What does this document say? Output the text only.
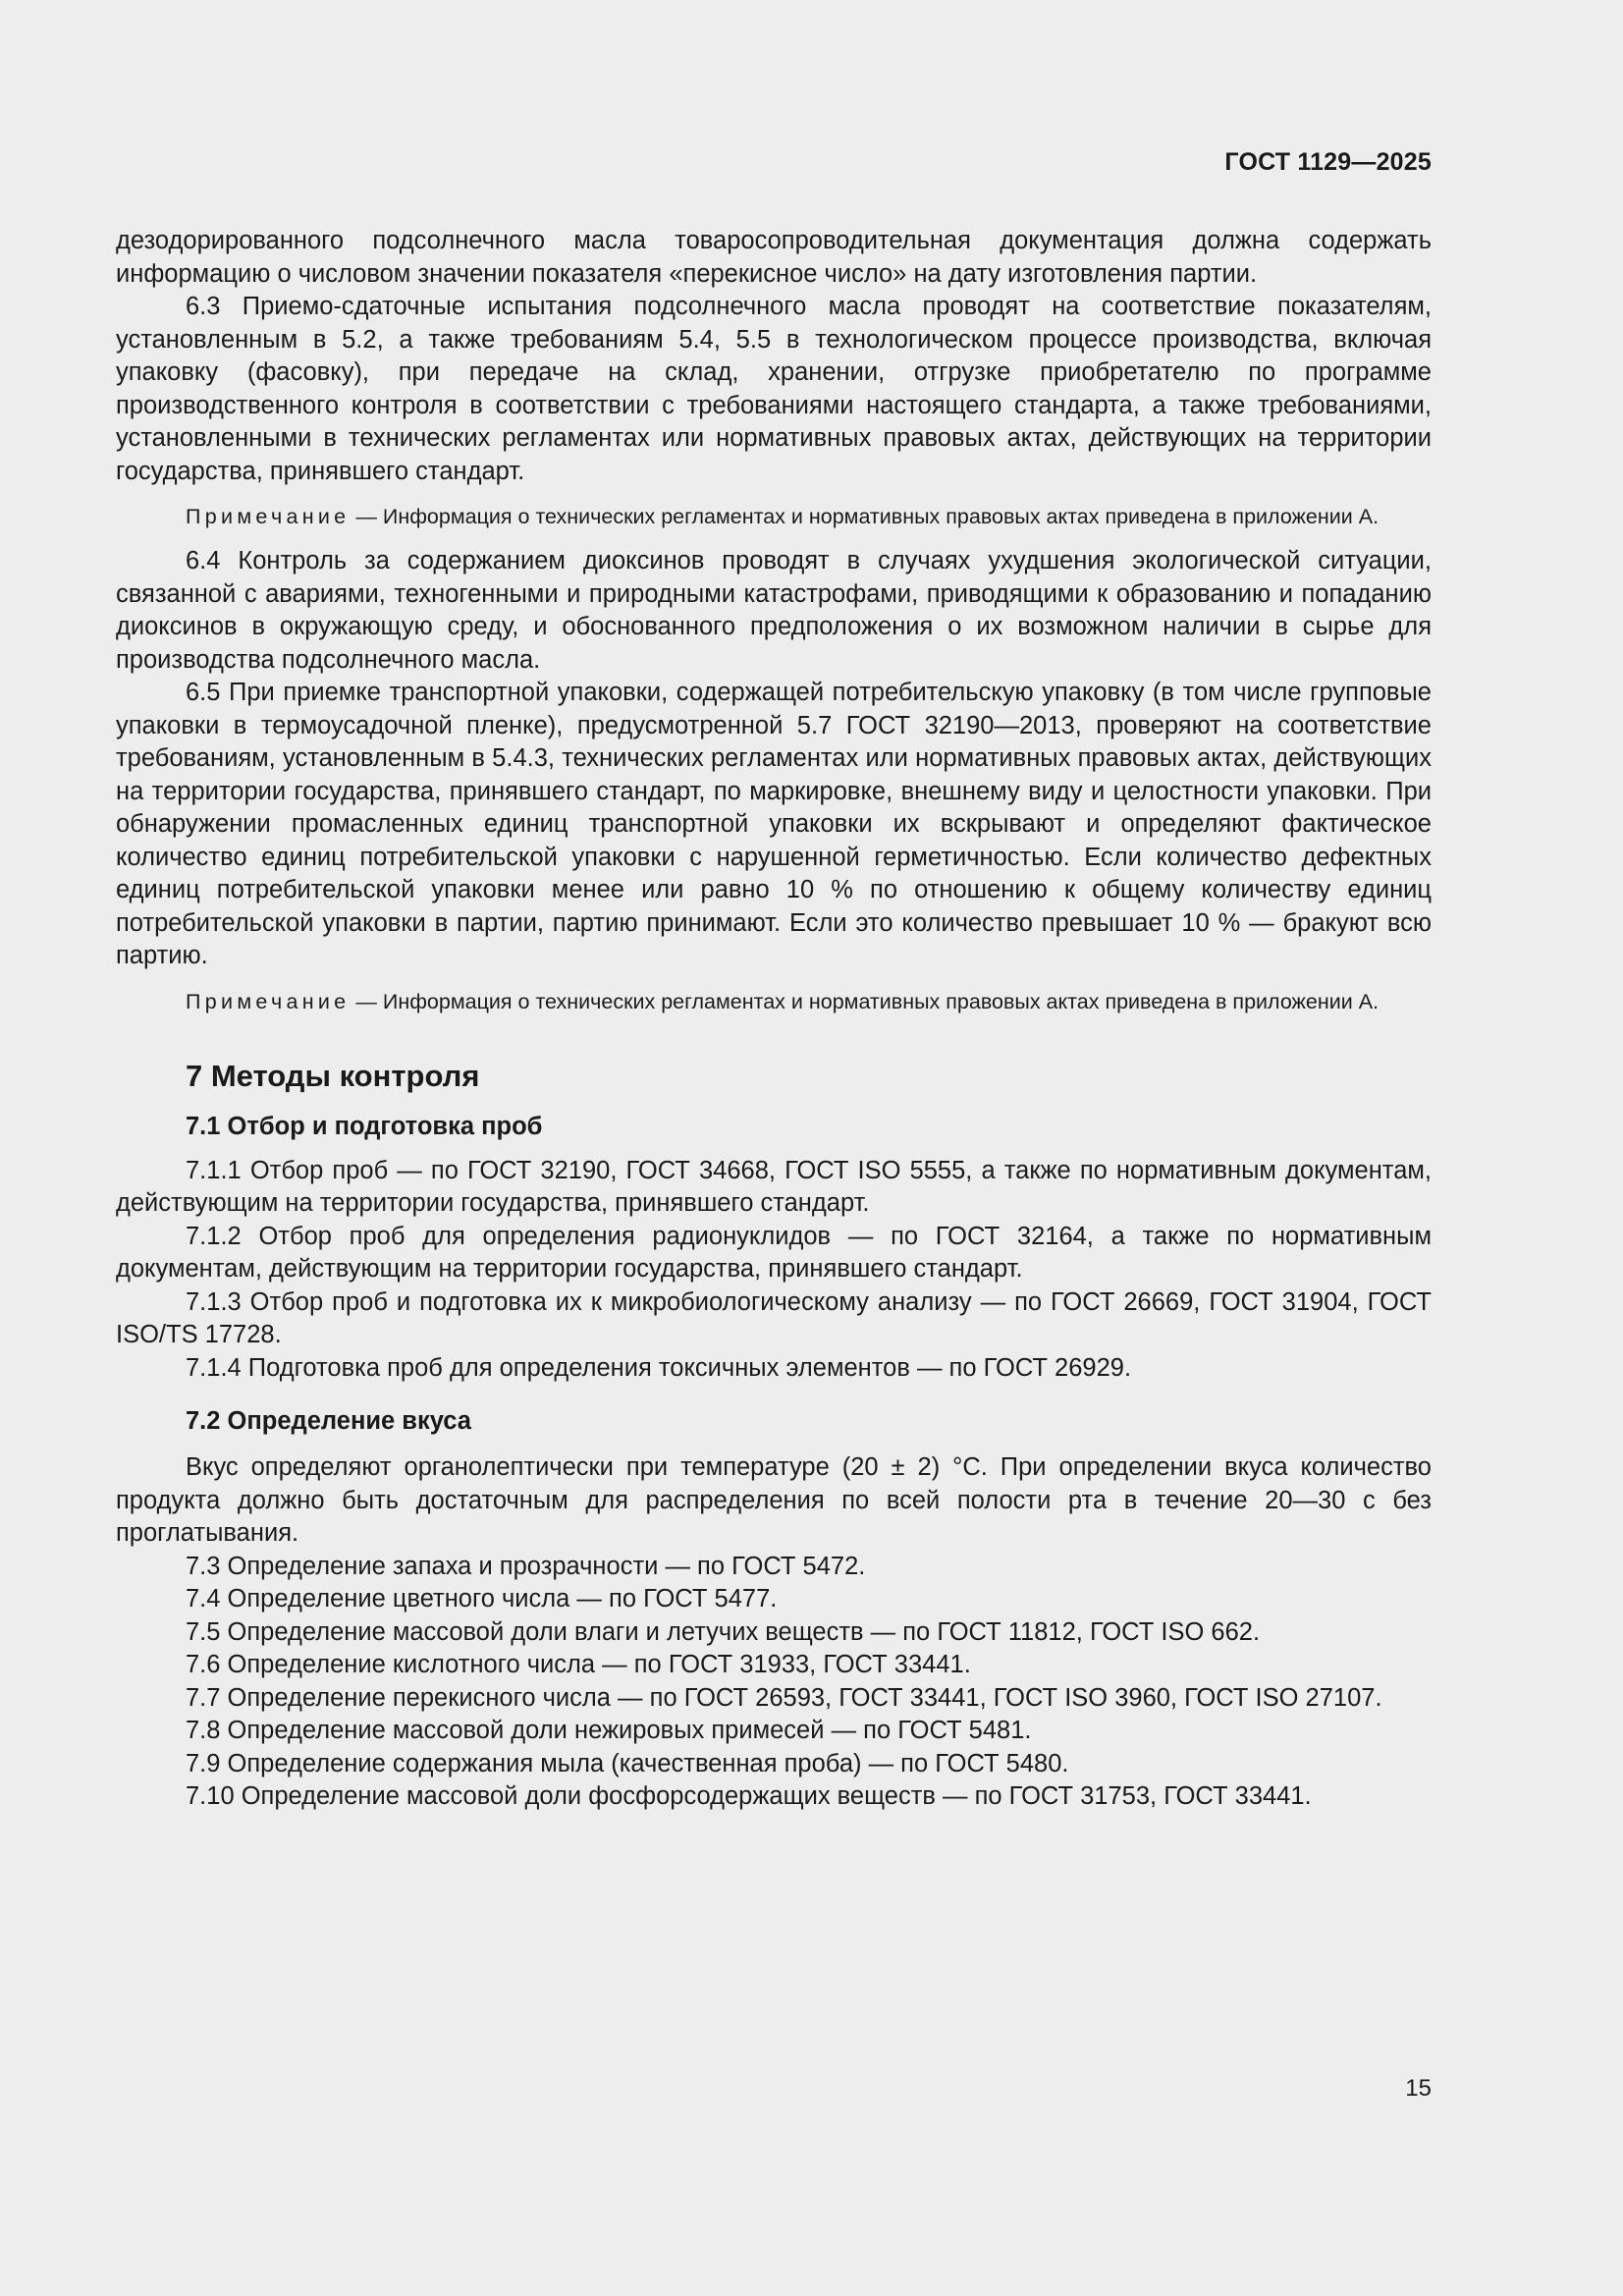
ГОСТ 1129—2025

дезодорированного подсолнечного масла товаросопроводительная документация должна содержать информацию о числовом значении показателя «перекисное число» на дату изготовления партии.

6.3 Приемо-сдаточные испытания подсолнечного масла проводят на соответствие показателям, установленным в 5.2, а также требованиям 5.4, 5.5 в технологическом процессе производства, включая упаковку (фасовку), при передаче на склад, хранении, отгрузке приобретателю по программе производственного контроля в соответствии с требованиями настоящего стандарта, а также требованиями, установленными в технических регламентах или нормативных правовых актах, действующих на территории государства, принявшего стандарт.

Примечание — Информация о технических регламентах и нормативных правовых актах приведена в приложении А.

6.4 Контроль за содержанием диоксинов проводят в случаях ухудшения экологической ситуации, связанной с авариями, техногенными и природными катастрофами, приводящими к образованию и попаданию диоксинов в окружающую среду, и обоснованного предположения о их возможном наличии в сырье для производства подсолнечного масла.

6.5 При приемке транспортной упаковки, содержащей потребительскую упаковку (в том числе групповые упаковки в термоусадочной пленке), предусмотренной 5.7 ГОСТ 32190—2013, проверяют на соответствие требованиям, установленным в 5.4.3, технических регламентах или нормативных правовых актах, действующих на территории государства, принявшего стандарт, по маркировке, внешнему виду и целостности упаковки. При обнаружении промасленных единиц транспортной упаковки их вскрывают и определяют фактическое количество единиц потребительской упаковки с нарушенной герметичностью. Если количество дефектных единиц потребительской упаковки менее или равно 10 % по отношению к общему количеству единиц потребительской упаковки в партии, партию принимают. Если это количество превышает 10 % — бракуют всю партию.

Примечание — Информация о технических регламентах и нормативных правовых актах приведена в приложении А.

7 Методы контроля
7.1 Отбор и подготовка проб

7.1.1 Отбор проб — по ГОСТ 32190, ГОСТ 34668, ГОСТ ISO 5555, а также по нормативным документам, действующим на территории государства, принявшего стандарт.

7.1.2 Отбор проб для определения радионуклидов — по ГОСТ 32164, а также по нормативным документам, действующим на территории государства, принявшего стандарт.

7.1.3 Отбор проб и подготовка их к микробиологическому анализу — по ГОСТ 26669, ГОСТ 31904, ГОСТ ISO/TS 17728.

7.1.4 Подготовка проб для определения токсичных элементов — по ГОСТ 26929.

7.2 Определение вкуса

Вкус определяют органолептически при температуре (20 ± 2) °С. При определении вкуса количество продукта должно быть достаточным для распределения по всей полости рта в течение 20—30 с без проглатывания.

7.3 Определение запаха и прозрачности — по ГОСТ 5472.

7.4 Определение цветного числа — по ГОСТ 5477.

7.5 Определение массовой доли влаги и летучих веществ — по ГОСТ 11812, ГОСТ ISO 662.

7.6 Определение кислотного числа — по ГОСТ 31933, ГОСТ 33441.

7.7 Определение перекисного числа — по ГОСТ 26593, ГОСТ 33441, ГОСТ ISO 3960, ГОСТ ISO 27107.

7.8 Определение массовой доли нежировых примесей — по ГОСТ 5481.

7.9 Определение содержания мыла (качественная проба) — по ГОСТ 5480.

7.10 Определение массовой доли фосфорсодержащих веществ — по ГОСТ 31753, ГОСТ 33441.

15
